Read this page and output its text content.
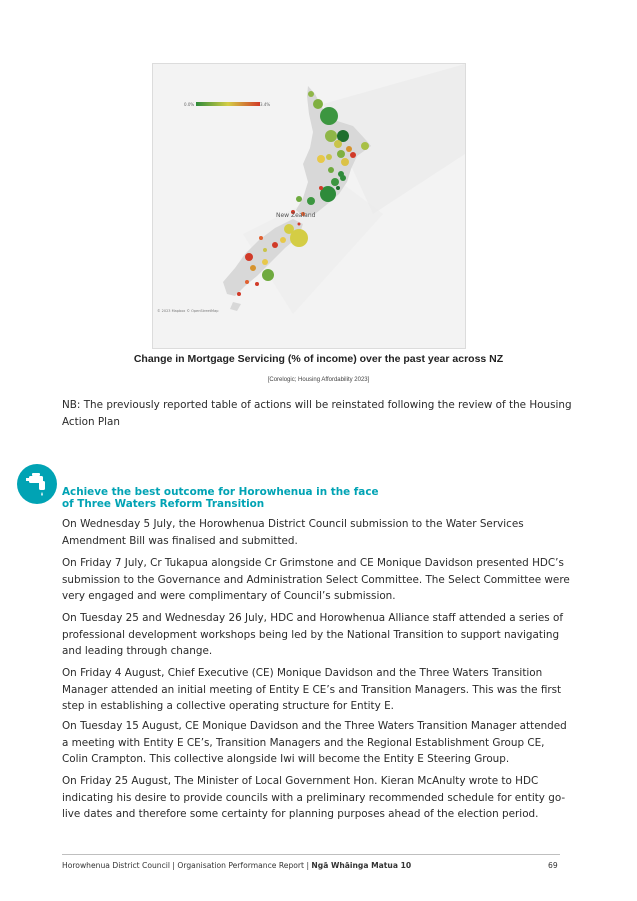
0.0%	3.4%
New Zealand
© 2023 Mapbox © OpenStreetMap
Change in Mortgage Servicing (% of income) over the past year across NZ
[Corelogic; Housing Affordability 2023]

NB: The previously reported table of actions will be reinstated following the review of the Housing Action Plan

Achieve the best outcome for Horowhenua in the face
of Three Waters Reform Transition

On Wednesday 5 July, the Horowhenua District Council submission to the Water Services Amendment Bill was finalised and submitted.

On Friday 7 July, Cr Tukapua alongside Cr Grimstone and CE Monique Davidson presented HDC’s submission to the Governance and Administration Select Committee. The Select Committee were very engaged and were complimentary of Council’s submission.

On Tuesday 25 and Wednesday 26 July, HDC and Horowhenua Alliance staff attended a series of professional development workshops being led by the National Transition to support navigating and leading through change.

On Friday 4 August, Chief Executive (CE) Monique Davidson and the Three Waters Transition Manager attended an initial meeting of Entity E CE’s and Transition Managers. This was the first step in establishing a collective operating structure for Entity E.

On Tuesday 15 August, CE Monique Davidson and the Three Waters Transition Manager attended a meeting with Entity E CE’s, Transition Managers and the Regional Establishment Group CE, Colin Crampton. This collective alongside Iwi will become the Entity E Steering Group.

On Friday 25 August, The Minister of Local Government Hon. Kieran McAnulty wrote to HDC indicating his desire to provide councils with a preliminary recommended schedule for entity go-live dates and therefore some certainty for planning purposes ahead of the election period.

Horowhenua District Council | Organisation Performance Report | Ngā Whāinga Matua 10	69
